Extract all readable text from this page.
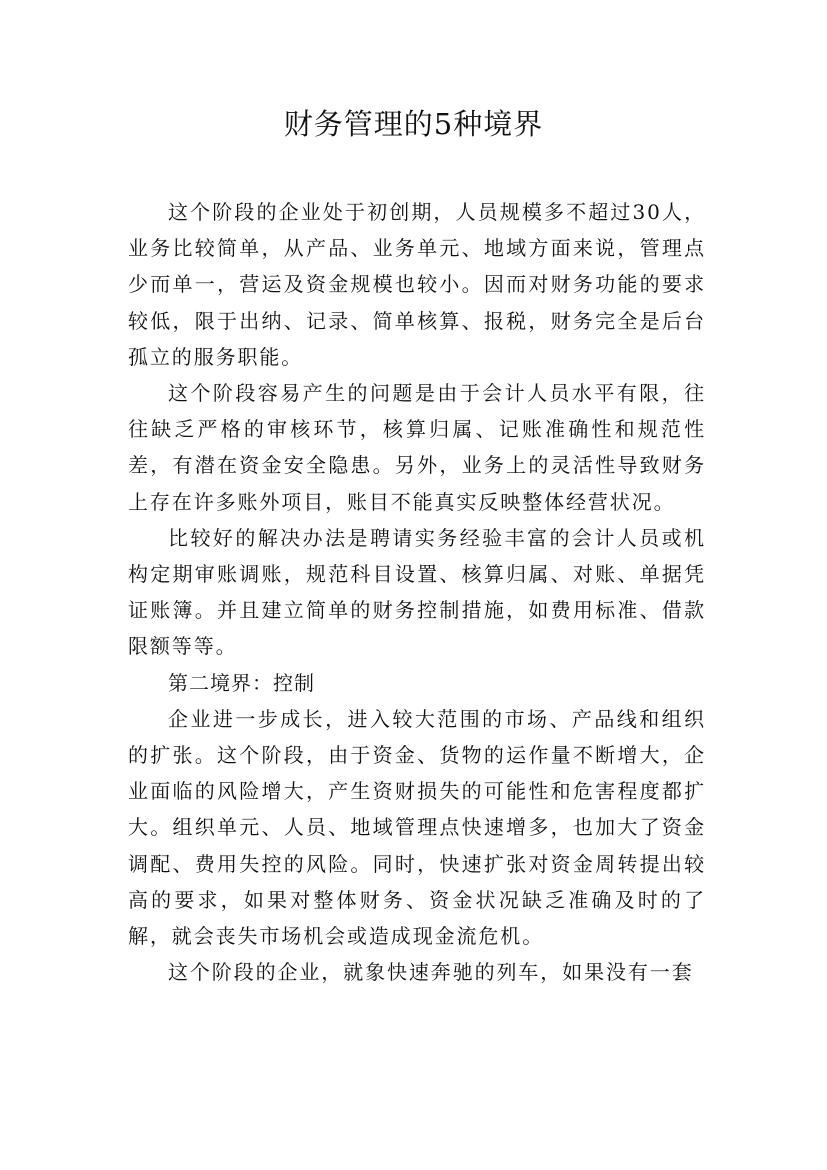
财务管理的5种境界

这个阶段的企业处于初创期，人员规模多不超过30人，业务比较简单，从产品、业务单元、地域方面来说，管理点少而单一，营运及资金规模也较小。因而对财务功能的要求较低，限于出纳、记录、简单核算、报税，财务完全是后台孤立的服务职能。

这个阶段容易产生的问题是由于会计人员水平有限，往往缺乏严格的审核环节，核算归属、记账准确性和规范性差，有潜在资金安全隐患。另外，业务上的灵活性导致财务上存在许多账外项目，账目不能真实反映整体经营状况。

比较好的解决办法是聘请实务经验丰富的会计人员或机构定期审账调账，规范科目设置、核算归属、对账、单据凭证账簿。并且建立简单的财务控制措施，如费用标准、借款限额等等。

第二境界：控制

企业进一步成长，进入较大范围的市场、产品线和组织的扩张。这个阶段，由于资金、货物的运作量不断增大，企业面临的风险增大，产生资财损失的可能性和危害程度都扩大。组织单元、人员、地域管理点快速增多，也加大了资金调配、费用失控的风险。同时，快速扩张对资金周转提出较高的要求，如果对整体财务、资金状况缺乏准确及时的了解，就会丧失市场机会或造成现金流危机。

这个阶段的企业，就象快速奔驰的列车，如果没有一套
